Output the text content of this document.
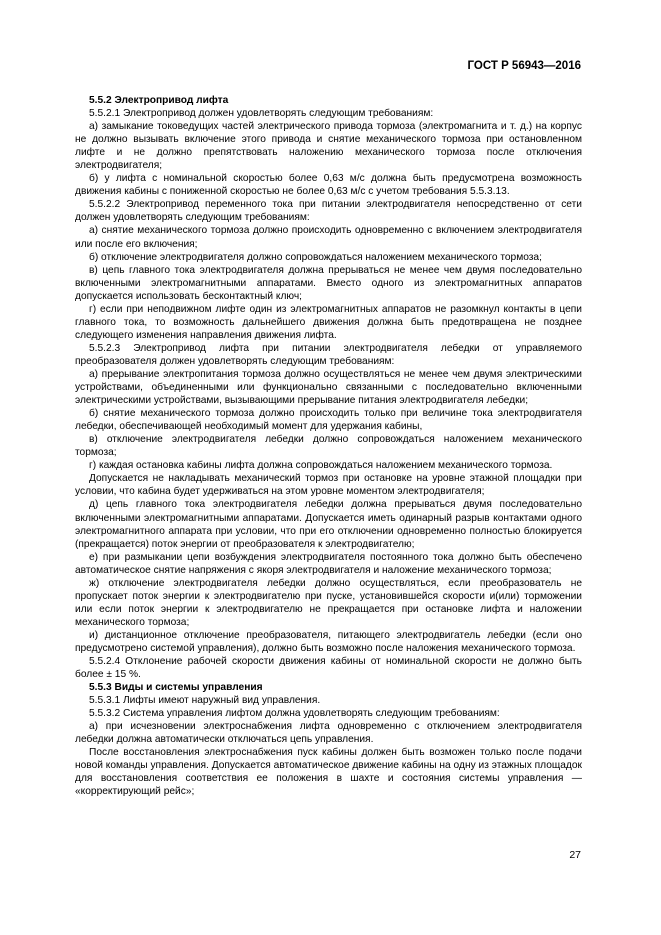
ГОСТ Р 56943—2016

5.5.2 Электропривод лифта

5.5.2.1 Электропривод должен удовлетворять следующим требованиям:

а) замыкание токоведущих частей электрического привода тормоза (электромагнита и т. д.) на корпус не должно вызывать включение этого привода и снятие механического тормоза при остановленном лифте и не должно препятствовать наложению механического тормоза после отключения электродвигателя;

б) у лифта с номинальной скоростью более 0,63 м/с должна быть предусмотрена возможность движения кабины с пониженной скоростью не более 0,63 м/с с учетом требования 5.5.3.13.

5.5.2.2 Электропривод переменного тока при питании электродвигателя непосредственно от сети должен удовлетворять следующим требованиям:

а) снятие механического тормоза должно происходить одновременно с включением электродвигателя или после его включения;

б) отключение электродвигателя должно сопровождаться наложением механического тормоза;

в) цепь главного тока электродвигателя должна прерываться не менее чем двумя последовательно включенными электромагнитными аппаратами. Вместо одного из электромагнитных аппаратов допускается использовать бесконтактный ключ;

г) если при неподвижном лифте один из электромагнитных аппаратов не разомкнул контакты в цепи главного тока, то возможность дальнейшего движения должна быть предотвращена не позднее следующего изменения направления движения лифта.

5.5.2.3 Электропривод лифта при питании электродвигателя лебедки от управляемого преобразователя должен удовлетворять следующим требованиям:

а) прерывание электропитания тормоза должно осуществляться не менее чем двумя электрическими устройствами, объединенными или функционально связанными с последовательно включенными электрическими устройствами, вызывающими прерывание питания электродвигателя лебедки;

б) снятие механического тормоза должно происходить только при величине тока электродвигателя лебедки, обеспечивающей необходимый момент для удержания кабины,

в) отключение электродвигателя лебедки должно сопровождаться наложением механического тормоза;

г) каждая остановка кабины лифта должна сопровождаться наложением механического тормоза.

Допускается не накладывать механический тормоз при остановке на уровне этажной площадки при условии, что кабина будет удерживаться на этом уровне моментом электродвигателя;

д) цепь главного тока электродвигателя лебедки должна прерываться двумя последовательно включенными электромагнитными аппаратами. Допускается иметь одинарный разрыв контактами одного электромагнитного аппарата при условии, что при его отключении одновременно полностью блокируется (прекращается) поток энергии от преобразователя к электродвигателю;

е) при размыкании цепи возбуждения электродвигателя постоянного тока должно быть обеспечено автоматическое снятие напряжения с якоря электродвигателя и наложение механического тормоза;

ж) отключение электродвигателя лебедки должно осуществляться, если преобразователь не пропускает поток энергии к электродвигателю при пуске, установившейся скорости и(или) торможении или если поток энергии к электродвигателю не прекращается при остановке лифта и наложении механического тормоза;

и) дистанционное отключение преобразователя, питающего электродвигатель лебедки (если оно предусмотрено системой управления), должно быть возможно после наложения механического тормоза.

5.5.2.4 Отклонение рабочей скорости движения кабины от номинальной скорости не должно быть более ± 15 %.

5.5.3 Виды и системы управления

5.5.3.1 Лифты имеют наружный вид управления.

5.5.3.2 Система управления лифтом должна удовлетворять следующим требованиям:

а) при исчезновении электроснабжения лифта одновременно с отключением электродвигателя лебедки должна автоматически отключаться цепь управления.

После восстановления электроснабжения пуск кабины должен быть возможен только после подачи новой команды управления. Допускается автоматическое движение кабины на одну из этажных площадок для восстановления соответствия ее положения в шахте и состояния системы управления — «корректирующий рейс»;

27
